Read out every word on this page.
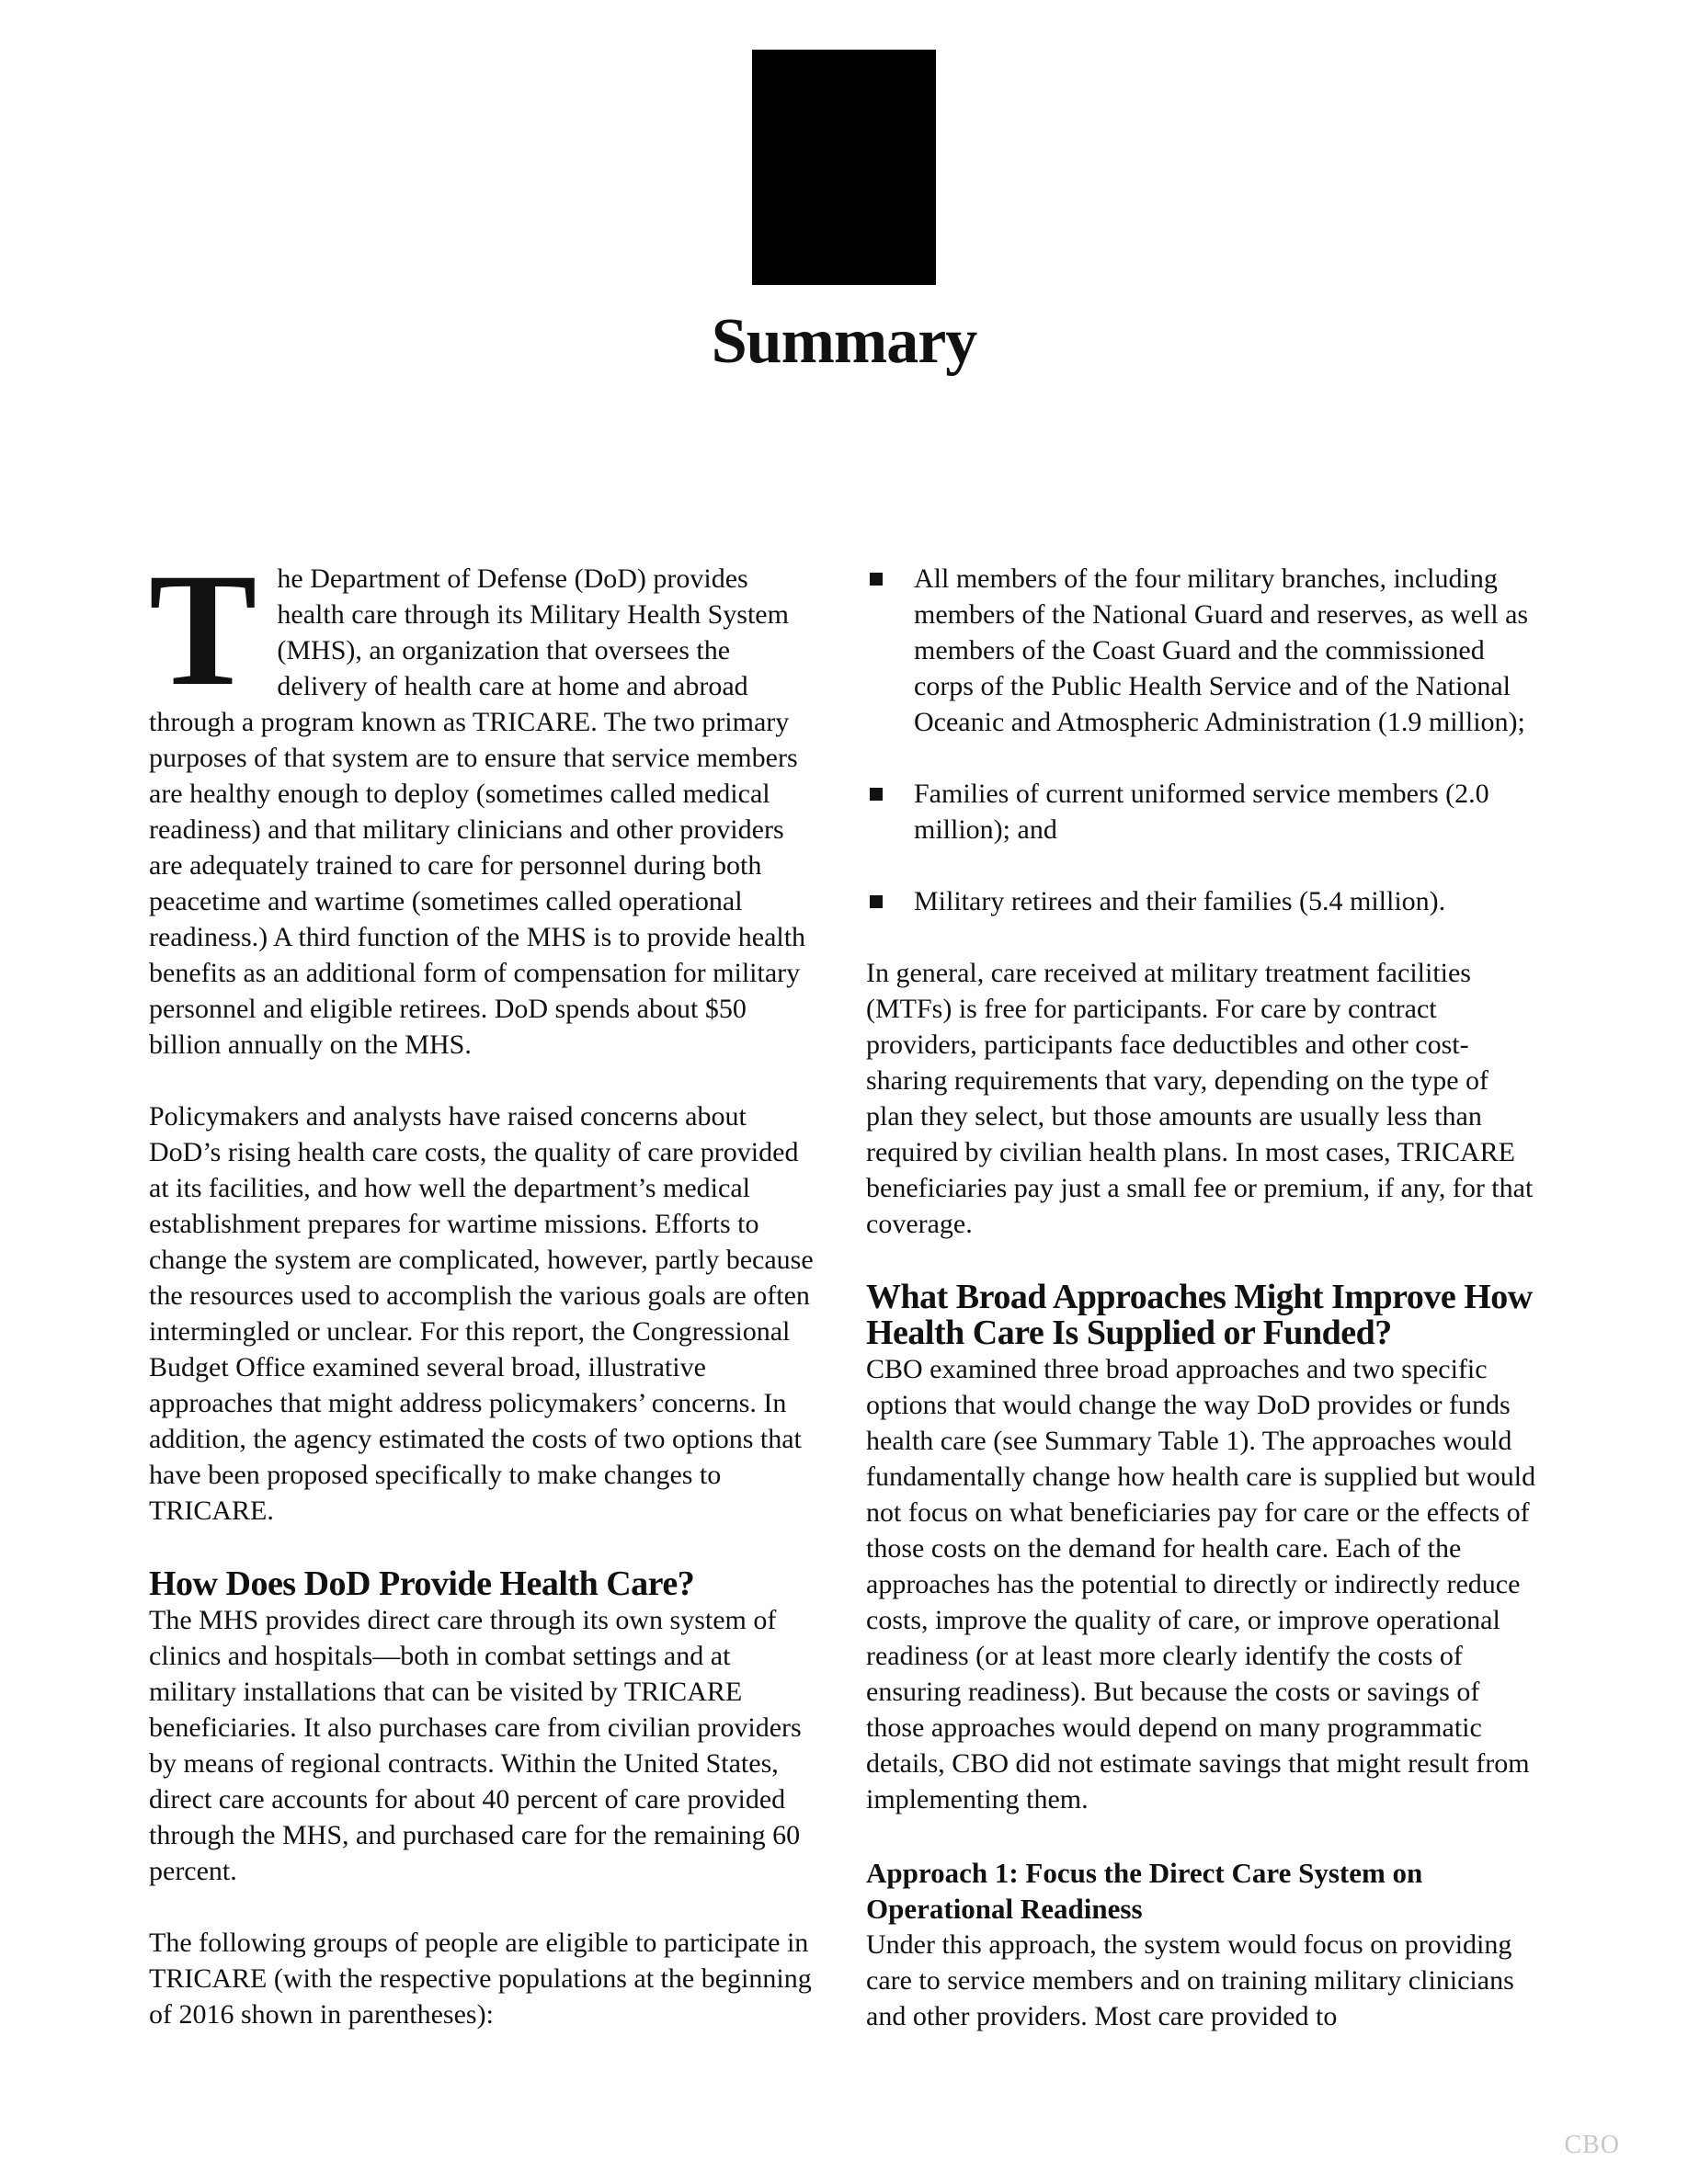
Summary

The Department of Defense (DoD) provides health care through its Military Health System (MHS), an organization that oversees the delivery of health care at home and abroad through a program known as TRICARE. The two primary purposes of that system are to ensure that service members are healthy enough to deploy (sometimes called medical readiness) and that military clinicians and other providers are adequately trained to care for personnel during both peacetime and wartime (sometimes called operational readiness.) A third function of the MHS is to provide health benefits as an additional form of compensation for military personnel and eligible retirees. DoD spends about $50 billion annually on the MHS.

Policymakers and analysts have raised concerns about DoD’s rising health care costs, the quality of care provided at its facilities, and how well the department’s medical establishment prepares for wartime missions. Efforts to change the system are complicated, however, partly because the resources used to accomplish the various goals are often intermingled or unclear. For this report, the Congressional Budget Office examined several broad, illustrative approaches that might address policymakers’ concerns. In addition, the agency estimated the costs of two options that have been proposed specifically to make changes to TRICARE.

How Does DoD Provide Health Care?

The MHS provides direct care through its own system of clinics and hospitals—both in combat settings and at military installations that can be visited by TRICARE beneficiaries. It also purchases care from civilian providers by means of regional contracts. Within the United States, direct care accounts for about 40 percent of care provided through the MHS, and purchased care for the remaining 60 percent.

The following groups of people are eligible to participate in TRICARE (with the respective populations at the beginning of 2016 shown in parentheses):

All members of the four military branches, including members of the National Guard and reserves, as well as members of the Coast Guard and the commissioned corps of the Public Health Service and of the National Oceanic and Atmospheric Administration (1.9 million);
Families of current uniformed service members (2.0 million); and
Military retirees and their families (5.4 million).

In general, care received at military treatment facilities (MTFs) is free for participants. For care by contract providers, participants face deductibles and other cost-sharing requirements that vary, depending on the type of plan they select, but those amounts are usually less than required by civilian health plans. In most cases, TRICARE beneficiaries pay just a small fee or premium, if any, for that coverage.

What Broad Approaches Might Improve How Health Care Is Supplied or Funded?

CBO examined three broad approaches and two specific options that would change the way DoD provides or funds health care (see Summary Table 1). The approaches would fundamentally change how health care is supplied but would not focus on what beneficiaries pay for care or the effects of those costs on the demand for health care. Each of the approaches has the potential to directly or indirectly reduce costs, improve the quality of care, or improve operational readiness (or at least more clearly identify the costs of ensuring readiness). But because the costs or savings of those approaches would depend on many programmatic details, CBO did not estimate savings that might result from implementing them.

Approach 1: Focus the Direct Care System on Operational Readiness

Under this approach, the system would focus on providing care to service members and on training military clinicians and other providers. Most care provided to

CBO
